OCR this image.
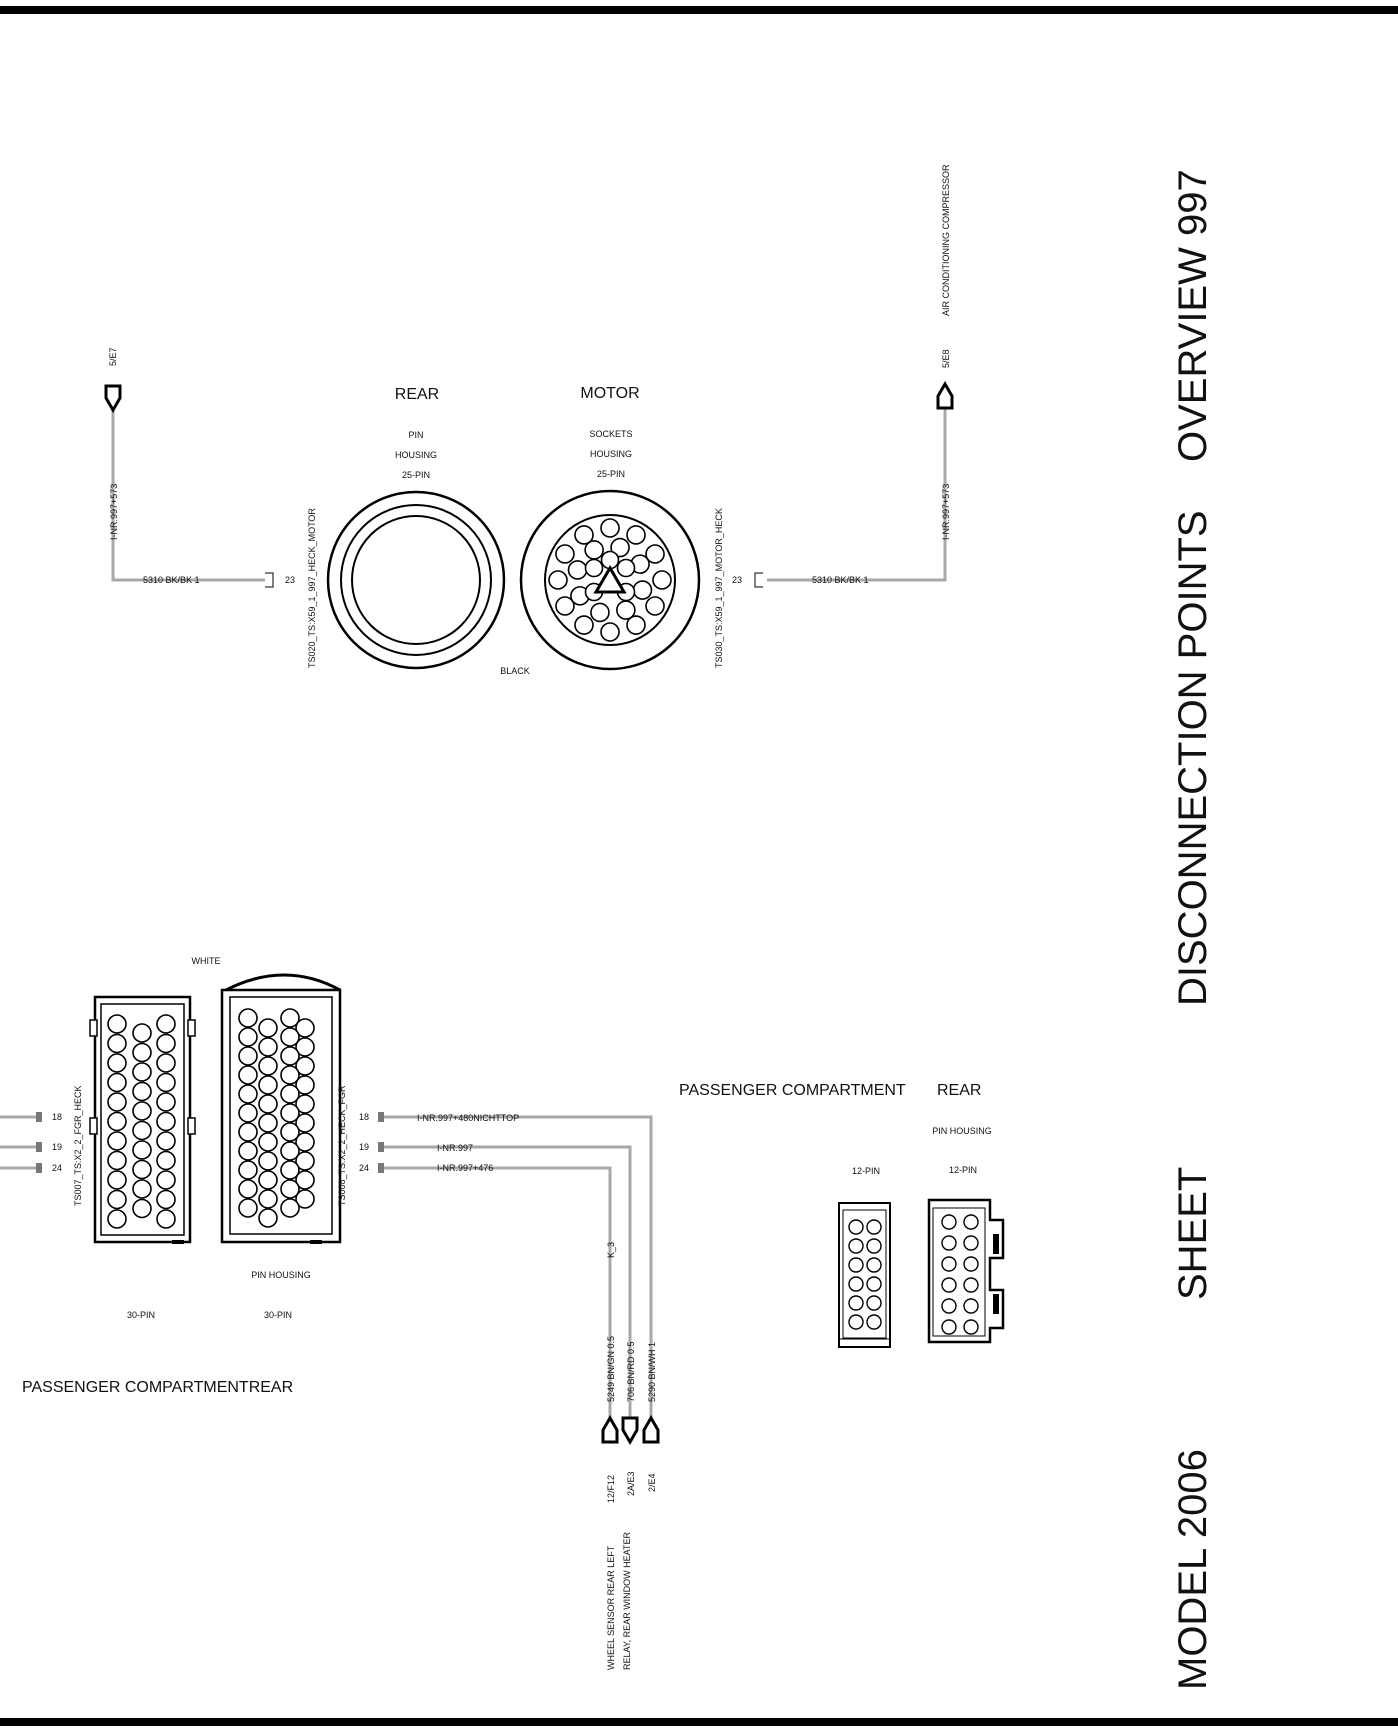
OVERVIEW 997
DISCONNECTION POINTS
SHEET
MODEL 2006
5/E7
I-NR.997+573
5310 BK/BK 1	23 TS020_TS:X59_1_997_HECK_MOTOR
5/E8
AIR CONDITIONING COMPRESSOR
I-NR.997+573
5310 BK/BK 1
23
TS030_TS:X59_1_997_MOTOR_HECK
REAR
PIN
HOUSING
25-PIN
MOTOR
SOCKETS
HOUSING
25-PIN
BLACK
WHITE
TS007_TS:X2_2_FGR_HECK	TS008_TS:X2_2_HECK_FGR
18
19
24
18
19
24
I-NR.997+480NICHTTOP
I-NR.997
I-NR.997+476
K_3
5249 BN/GN 0.5 706 BN/RD 0.5 5290 BN/WH 1
12/F12 2A/E3 2/E4
WHEEL SENSOR REAR LEFT RELAY, REAR WINDOW HEATER
PIN HOUSING
30-PIN	30-PIN
PASSENGER COMPARTMENTREAR
PASSENGER COMPARTMENT REAR
PIN HOUSING
12-PIN	12-PIN
